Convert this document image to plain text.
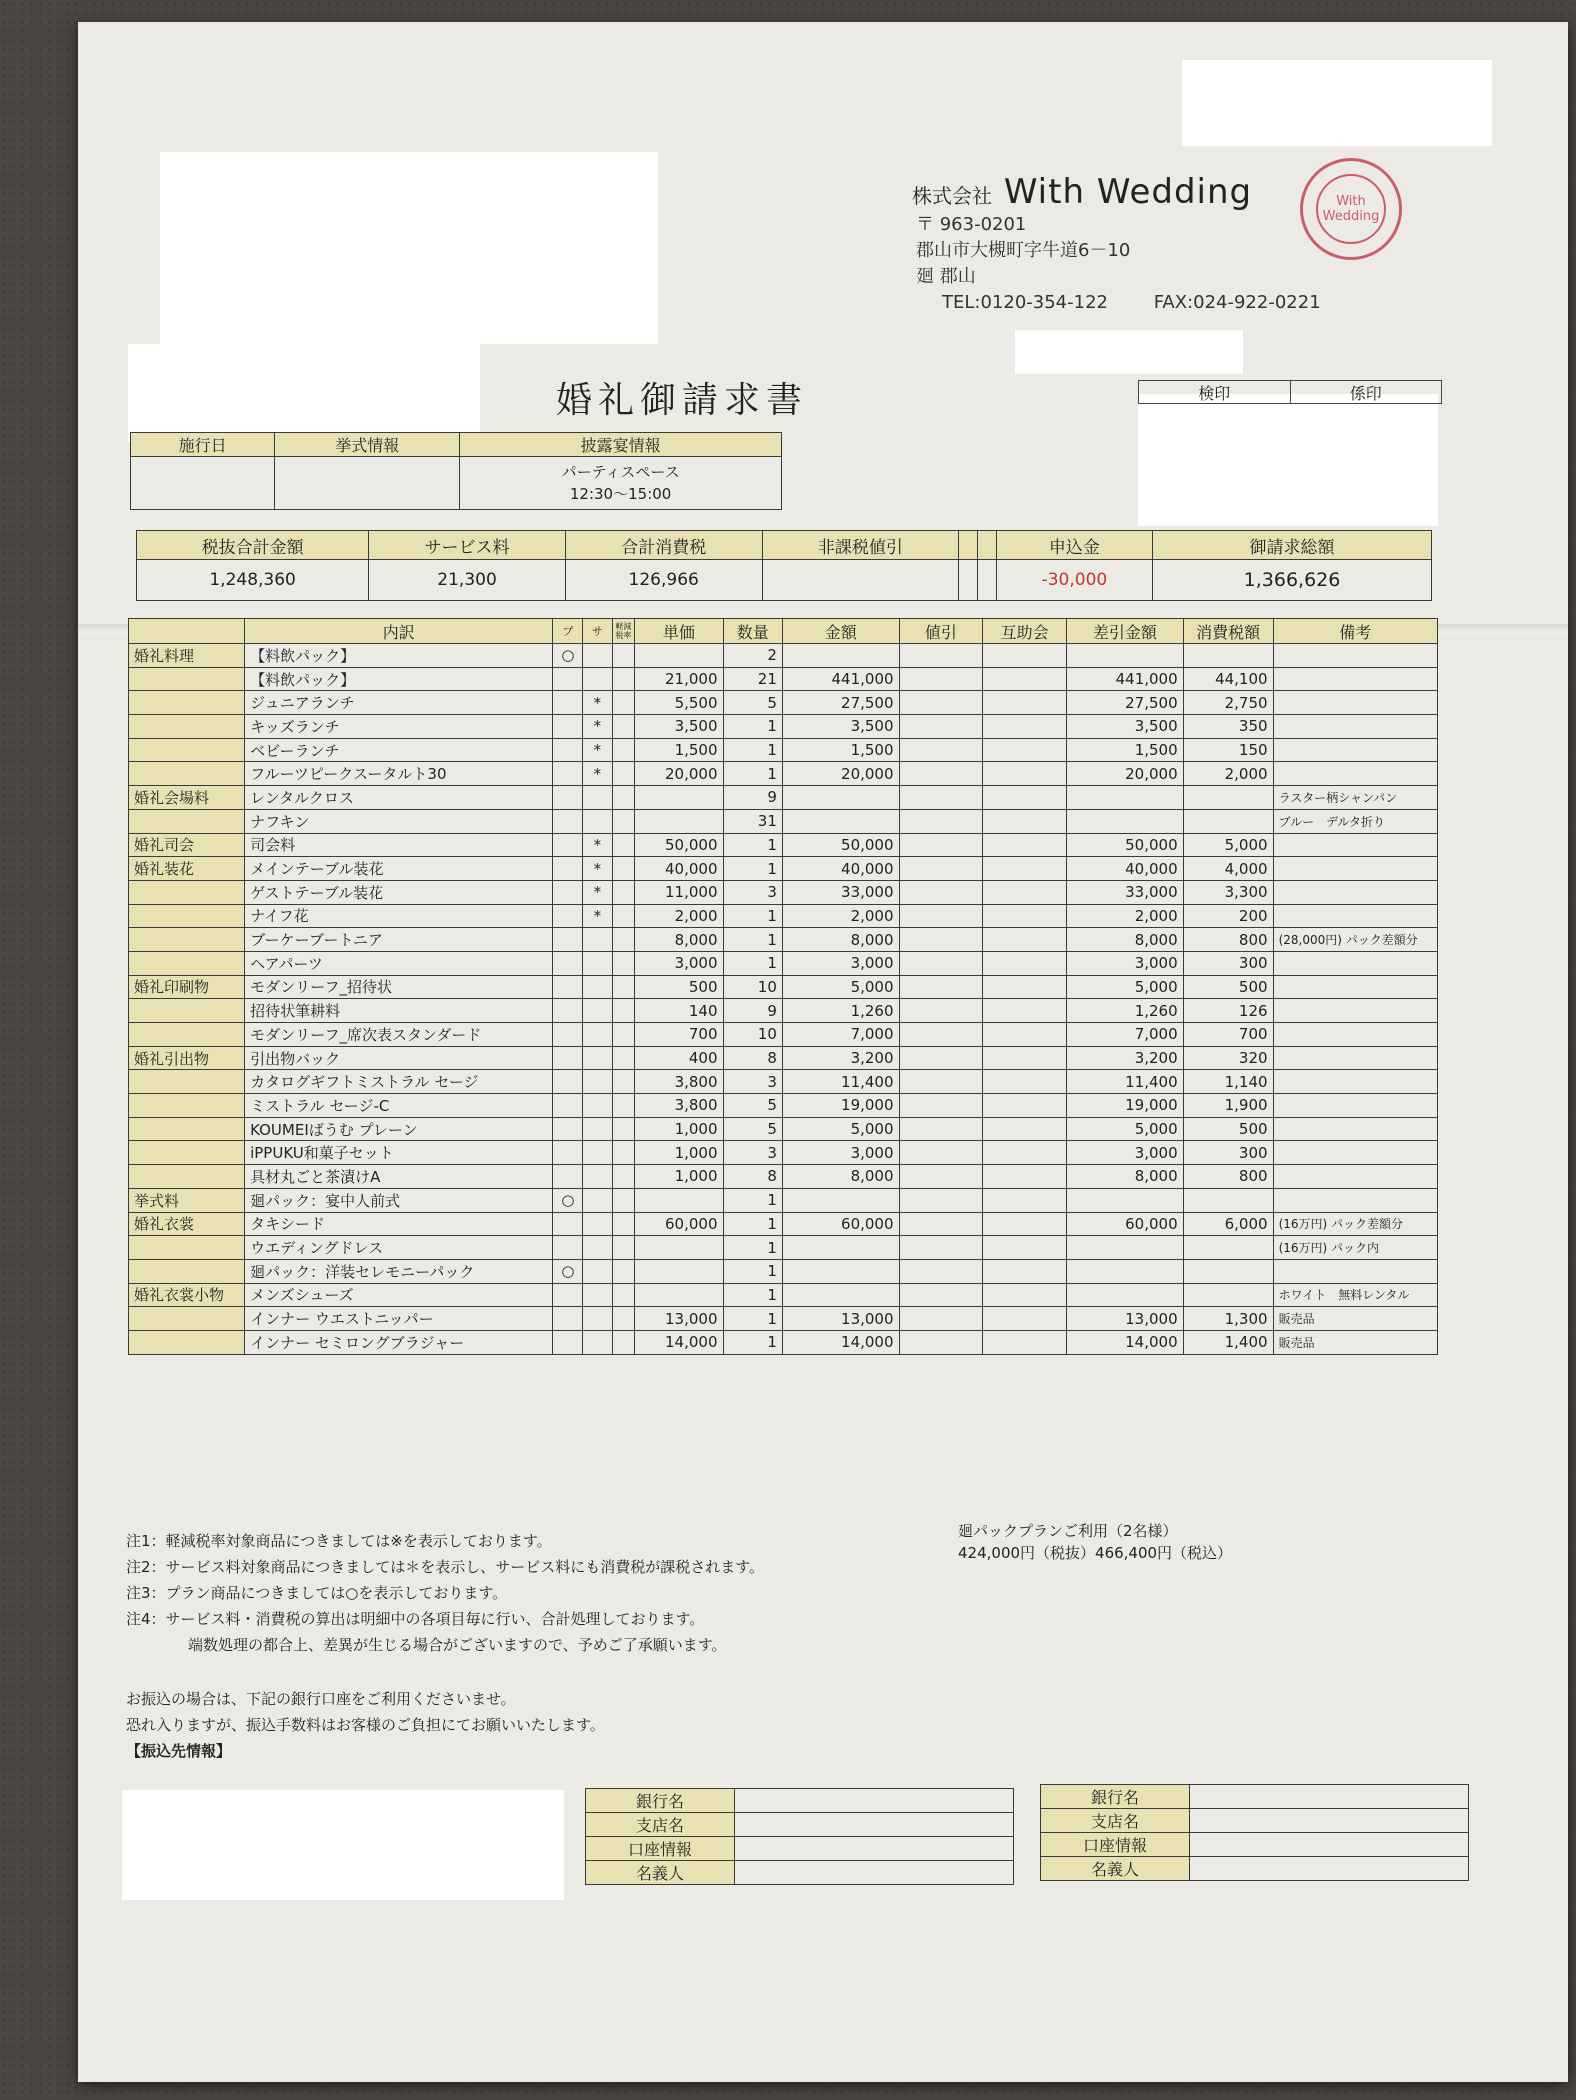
株式会社 With Wedding
〒 963-0201
郡山市大槻町字牛道6－10
廻 郡山
TEL:0120-354-122	FAX:024-922-0221
With Wedding
婚礼御請求書	検印	係印
施行日	挙式情報	披露宴情報

		パーティスペース
12:30～15:00
税抜合計金額	サービス料	合計消費税	非課税値引			申込金	御請求総額
1,248,360	21,300	126,966				-30,000	1,366,626
	内訳	プ	サ	軽減税率	単価	数量	金額	値引	互助会	差引金額	消費税額	備考
婚礼料理	【料飲パック】	○				2						
	【料飲パック】				21,000	21	441,000			441,000	44,100	
	ジュニアランチ		*		5,500	5	27,500			27,500	2,750	
	キッズランチ		*		3,500	1	3,500			3,500	350	
	ベビーランチ		*		1,500	1	1,500			1,500	150	
	フルーツピークスータルト30		*		20,000	1	20,000			20,000	2,000	
婚礼会場料	レンタルクロス					9						ラスター柄シャンパン
	ナフキン					31						ブルー　デルタ折り
婚礼司会	司会料		*		50,000	1	50,000			50,000	5,000	
婚礼装花	メインテーブル装花		*		40,000	1	40,000			40,000	4,000	
	ゲストテーブル装花		*		11,000	3	33,000			33,000	3,300	
	ナイフ花		*		2,000	1	2,000			2,000	200	
	ブーケーブートニア				8,000	1	8,000			8,000	800	(28,000円) パック差額分
	ヘアパーツ				3,000	1	3,000			3,000	300	
婚礼印刷物	モダンリーフ_招待状				500	10	5,000			5,000	500	
	招待状筆耕料				140	9	1,260			1,260	126	
	モダンリーフ_席次表スタンダード				700	10	7,000			7,000	700	
婚礼引出物	引出物バック				400	8	3,200			3,200	320	
	カタログギフトミストラル セージ				3,800	3	11,400			11,400	1,140	
	ミストラル セージ-C				3,800	5	19,000			19,000	1,900	
	KOUMEIばうむ プレーン				1,000	5	5,000			5,000	500	
	iPPUKU和菓子セット				1,000	3	3,000			3,000	300	
	具材丸ごと茶漬けA				1,000	8	8,000			8,000	800	
挙式料	廻パック：宴中人前式	○				1						
婚礼衣裳	タキシード				60,000	1	60,000			60,000	6,000	(16万円) パック差額分
	ウエディングドレス					1						(16万円) パック内
	廻パック：洋装セレモニーパック	○				1						
婚礼衣裳小物	メンズシューズ					1						ホワイト　無料レンタル
	インナー ウエストニッパー				13,000	1	13,000			13,000	1,300	販売品
	インナー セミロングブラジャー				14,000	1	14,000			14,000	1,400	販売品
注1：軽減税率対象商品につきましては※を表示しております。
注2：サービス料対象商品につきましては＊を表示し、サービス料にも消費税が課税されます。
注3：プラン商品につきましては○を表示しております。
注4：サービス料・消費税の算出は明細中の各項目毎に行い、合計処理しております。
端数処理の都合上、差異が生じる場合がございますので、予めご了承願います。
廻パックプランご利用（2名様）
424,000円（税抜）466,400円（税込）
お振込の場合は、下記の銀行口座をご利用くださいませ。
恐れ入りますが、振込手数料はお客様のご負担にてお願いいたします。
【振込先情報】
銀行名	
支店名	
口座情報	
名義人	
銀行名	
支店名	
口座情報	
名義人	
